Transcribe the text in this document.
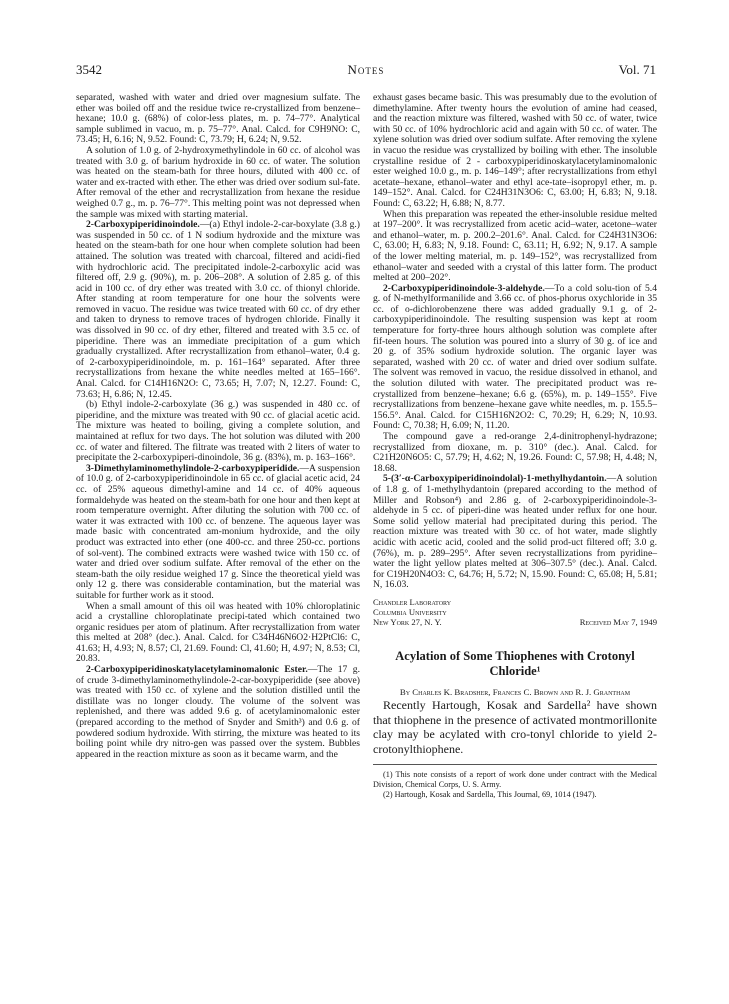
3542	Notes	Vol. 71

separated, washed with water and dried over magnesium sulfate. The ether was boiled off and the residue twice re-crystallized from benzene–hexane; 10.0 g. (68%) of color-less plates, m. p. 74–77°. Analytical sample sublimed in vacuo, m. p. 75–77°. Anal. Calcd. for C9H9NO: C, 73.45; H, 6.16; N, 9.52. Found: C, 73.79; H, 6.24; N, 9.52.

A solution of 1.0 g. of 2-hydroxymethylindole in 60 cc. of alcohol was treated with 3.0 g. of barium hydroxide in 60 cc. of water. The solution was heated on the steam-bath for three hours, diluted with 400 cc. of water and ex-tracted with ether. The ether was dried over sodium sul-fate. After removal of the ether and recrystallization from hexane the residue weighed 0.7 g., m. p. 76–77°. This melting point was not depressed when the sample was mixed with starting material.

2-Carboxypiperidinoindole.—(a) Ethyl indole-2-car-boxylate (3.8 g.) was suspended in 50 cc. of 1 N sodium hydroxide and the mixture was heated on the steam-bath for one hour when complete solution had been attained. The solution was treated with charcoal, filtered and acidi-fied with hydrochloric acid. The precipitated indole-2-carboxylic acid was filtered off, 2.9 g. (90%), m. p. 206–208°. A solution of 2.85 g. of this acid in 100 cc. of dry ether was treated with 3.0 cc. of thionyl chloride. After standing at room temperature for one hour the solvents were removed in vacuo. The residue was twice treated with 60 cc. of dry ether and taken to dryness to remove traces of hydrogen chloride. Finally it was dissolved in 90 cc. of dry ether, filtered and treated with 3.5 cc. of piperidine. There was an immediate precipitation of a gum which gradually crystallized. After recrystallization from ethanol–water, 0.4 g. of 2-carboxypiperidinoindole, m. p. 161–164° separated. After three recrystallizations from hexane the white needles melted at 165–166°. Anal. Calcd. for C14H16N2O: C, 73.65; H, 7.07; N, 12.27. Found: C, 73.63; H, 6.86; N, 12.45.

(b) Ethyl indole-2-carboxylate (36 g.) was suspended in 480 cc. of piperidine, and the mixture was treated with 90 cc. of glacial acetic acid. The mixture was heated to boiling, giving a complete solution, and maintained at reflux for two days. The hot solution was diluted with 200 cc. of water and filtered. The filtrate was treated with 2 liters of water to precipitate the 2-carboxypiperi-dinoindole, 36 g. (83%), m. p. 163–166°.

3-Dimethylaminomethylindole-2-carboxypiperidide.—A suspension of 10.0 g. of 2-carboxypiperidinoindole in 65 cc. of glacial acetic acid, 24 cc. of 25% aqueous dimethyl-amine and 14 cc. of 40% aqueous formaldehyde was heated on the steam-bath for one hour and then kept at room temperature overnight. After diluting the solution with 700 cc. of water it was extracted with 100 cc. of benzene. The aqueous layer was made basic with concentrated am-monium hydroxide, and the oily product was extracted into ether (one 400-cc. and three 250-cc. portions of sol-vent). The combined extracts were washed twice with 150 cc. of water and dried over sodium sulfate. After removal of the ether on the steam-bath the oily residue weighed 17 g. Since the theoretical yield was only 12 g. there was considerable contamination, but the material was suitable for further work as it stood.

When a small amount of this oil was heated with 10% chloroplatinic acid a crystalline chloroplatinate precipi-tated which contained two organic residues per atom of platinum. After recrystallization from water this melted at 208° (dec.). Anal. Calcd. for C34H46N6O2·H2PtCl6: C, 41.63; H, 4.93; N, 8.57; Cl, 21.69. Found: Cl, 41.60; H, 4.97; N, 8.53; Cl, 20.83.

2-Carboxypiperidinoskatylacetylaminomalonic Ester.—The 17 g. of crude 3-dimethylaminomethylindole-2-car-boxypiperidide (see above) was treated with 150 cc. of xylene and the solution distilled until the distillate was no longer cloudy. The volume of the solvent was replenished, and there was added 9.6 g. of acetylaminomalonic ester (prepared according to the method of Snyder and Smith³) and 0.6 g. of powdered sodium hydroxide. With stirring, the mixture was heated to its boiling point while dry nitro-gen was passed over the system. Bubbles appeared in the reaction mixture as soon as it became warm, and the

exhaust gases became basic. This was presumably due to the evolution of dimethylamine. After twenty hours the evolution of amine had ceased, and the reaction mixture was filtered, washed with 50 cc. of water, twice with 50 cc. of 10% hydrochloric acid and again with 50 cc. of water. The xylene solution was dried over sodium sulfate. After removing the xylene in vacuo the residue was crystallized by boiling with ether. The insoluble crystalline residue of 2 - carboxypiperidinoskatylacetylaminomalonic ester weighed 10.0 g., m. p. 146–149°; after recrystallizations from ethyl acetate–hexane, ethanol–water and ethyl ace-tate–isopropyl ether, m. p. 149–152°. Anal. Calcd. for C24H31N3O6: C, 63.00; H, 6.83; N, 9.18. Found: C, 63.22; H, 6.88; N, 8.77.

When this preparation was repeated the ether-insoluble residue melted at 197–200°. It was recrystallized from acetic acid–water, acetone–water and ethanol–water, m. p. 200.2–201.6°. Anal. Calcd. for C24H31N3O6: C, 63.00; H, 6.83; N, 9.18. Found: C, 63.11; H, 6.92; N, 9.17. A sample of the lower melting material, m. p. 149–152°, was recrystallized from ethanol–water and seeded with a crystal of this latter form. The product melted at 200–202°.

2-Carboxypiperidinoindole-3-aldehyde.—To a cold solu-tion of 5.4 g. of N-methylformanilide and 3.66 cc. of phos-phorus oxychloride in 35 cc. of o-dichlorobenzene there was added gradually 9.1 g. of 2-carboxypiperidinoindole. The resulting suspension was kept at room temperature for forty-three hours although solution was complete after fif-teen hours. The solution was poured into a slurry of 30 g. of ice and 20 g. of 35% sodium hydroxide solution. The organic layer was separated, washed with 20 cc. of water and dried over sodium sulfate. The solvent was removed in vacuo, the residue dissolved in ethanol, and the solution diluted with water. The precipitated product was re-crystallized from benzene–hexane; 6.6 g. (65%), m. p. 149–155°. Five recrystallizations from benzene–hexane gave white needles, m. p. 155.5–156.5°. Anal. Calcd. for C15H16N2O2: C, 70.29; H, 6.29; N, 10.93. Found: C, 70.38; H, 6.09; N, 11.20.

The compound gave a red-orange 2,4-dinitrophenyl-hydrazone; recrystallized from dioxane, m. p. 310° (dec.). Anal. Calcd. for C21H20N6O5: C, 57.79; H, 4.62; N, 19.26. Found: C, 57.98; H, 4.48; N, 18.68.

5-(3′-α-Carboxypiperidinoindolal)-1-methylhydantoin.—A solution of 1.8 g. of 1-methylhydantoin (prepared according to the method of Miller and Robson⁴) and 2.86 g. of 2-carboxypiperidinoindole-3-aldehyde in 5 cc. of piperi-dine was heated under reflux for one hour. Some solid yellow material had precipitated during this period. The reaction mixture was treated with 30 cc. of hot water, made slightly acidic with acetic acid, cooled and the solid prod-uct filtered off; 3.0 g. (76%), m. p. 289–295°. After seven recrystallizations from pyridine–water the light yellow plates melted at 306–307.5° (dec.). Anal. Calcd. for C19H20N4O3: C, 64.76; H, 5.72; N, 15.90. Found: C, 65.08; H, 5.81; N, 16.03.

Chandler Laboratory
Columbia University
New York 27, N. Y.	Received May 7, 1949
Acylation of Some Thiophenes with Crotonyl Chloride¹
By Charles K. Bradsher, Frances C. Brown and R. J. Grantham

Recently Hartough, Kosak and Sardella² have shown that thiophene in the presence of activated montmorillonite clay may be acylated with cro-tonyl chloride to yield 2-crotonylthiophene.

(1) This note consists of a report of work done under contract with the Medical Division, Chemical Corps, U. S. Army.

(2) Hartough, Kosak and Sardella, This Journal, 69, 1014 (1947).
